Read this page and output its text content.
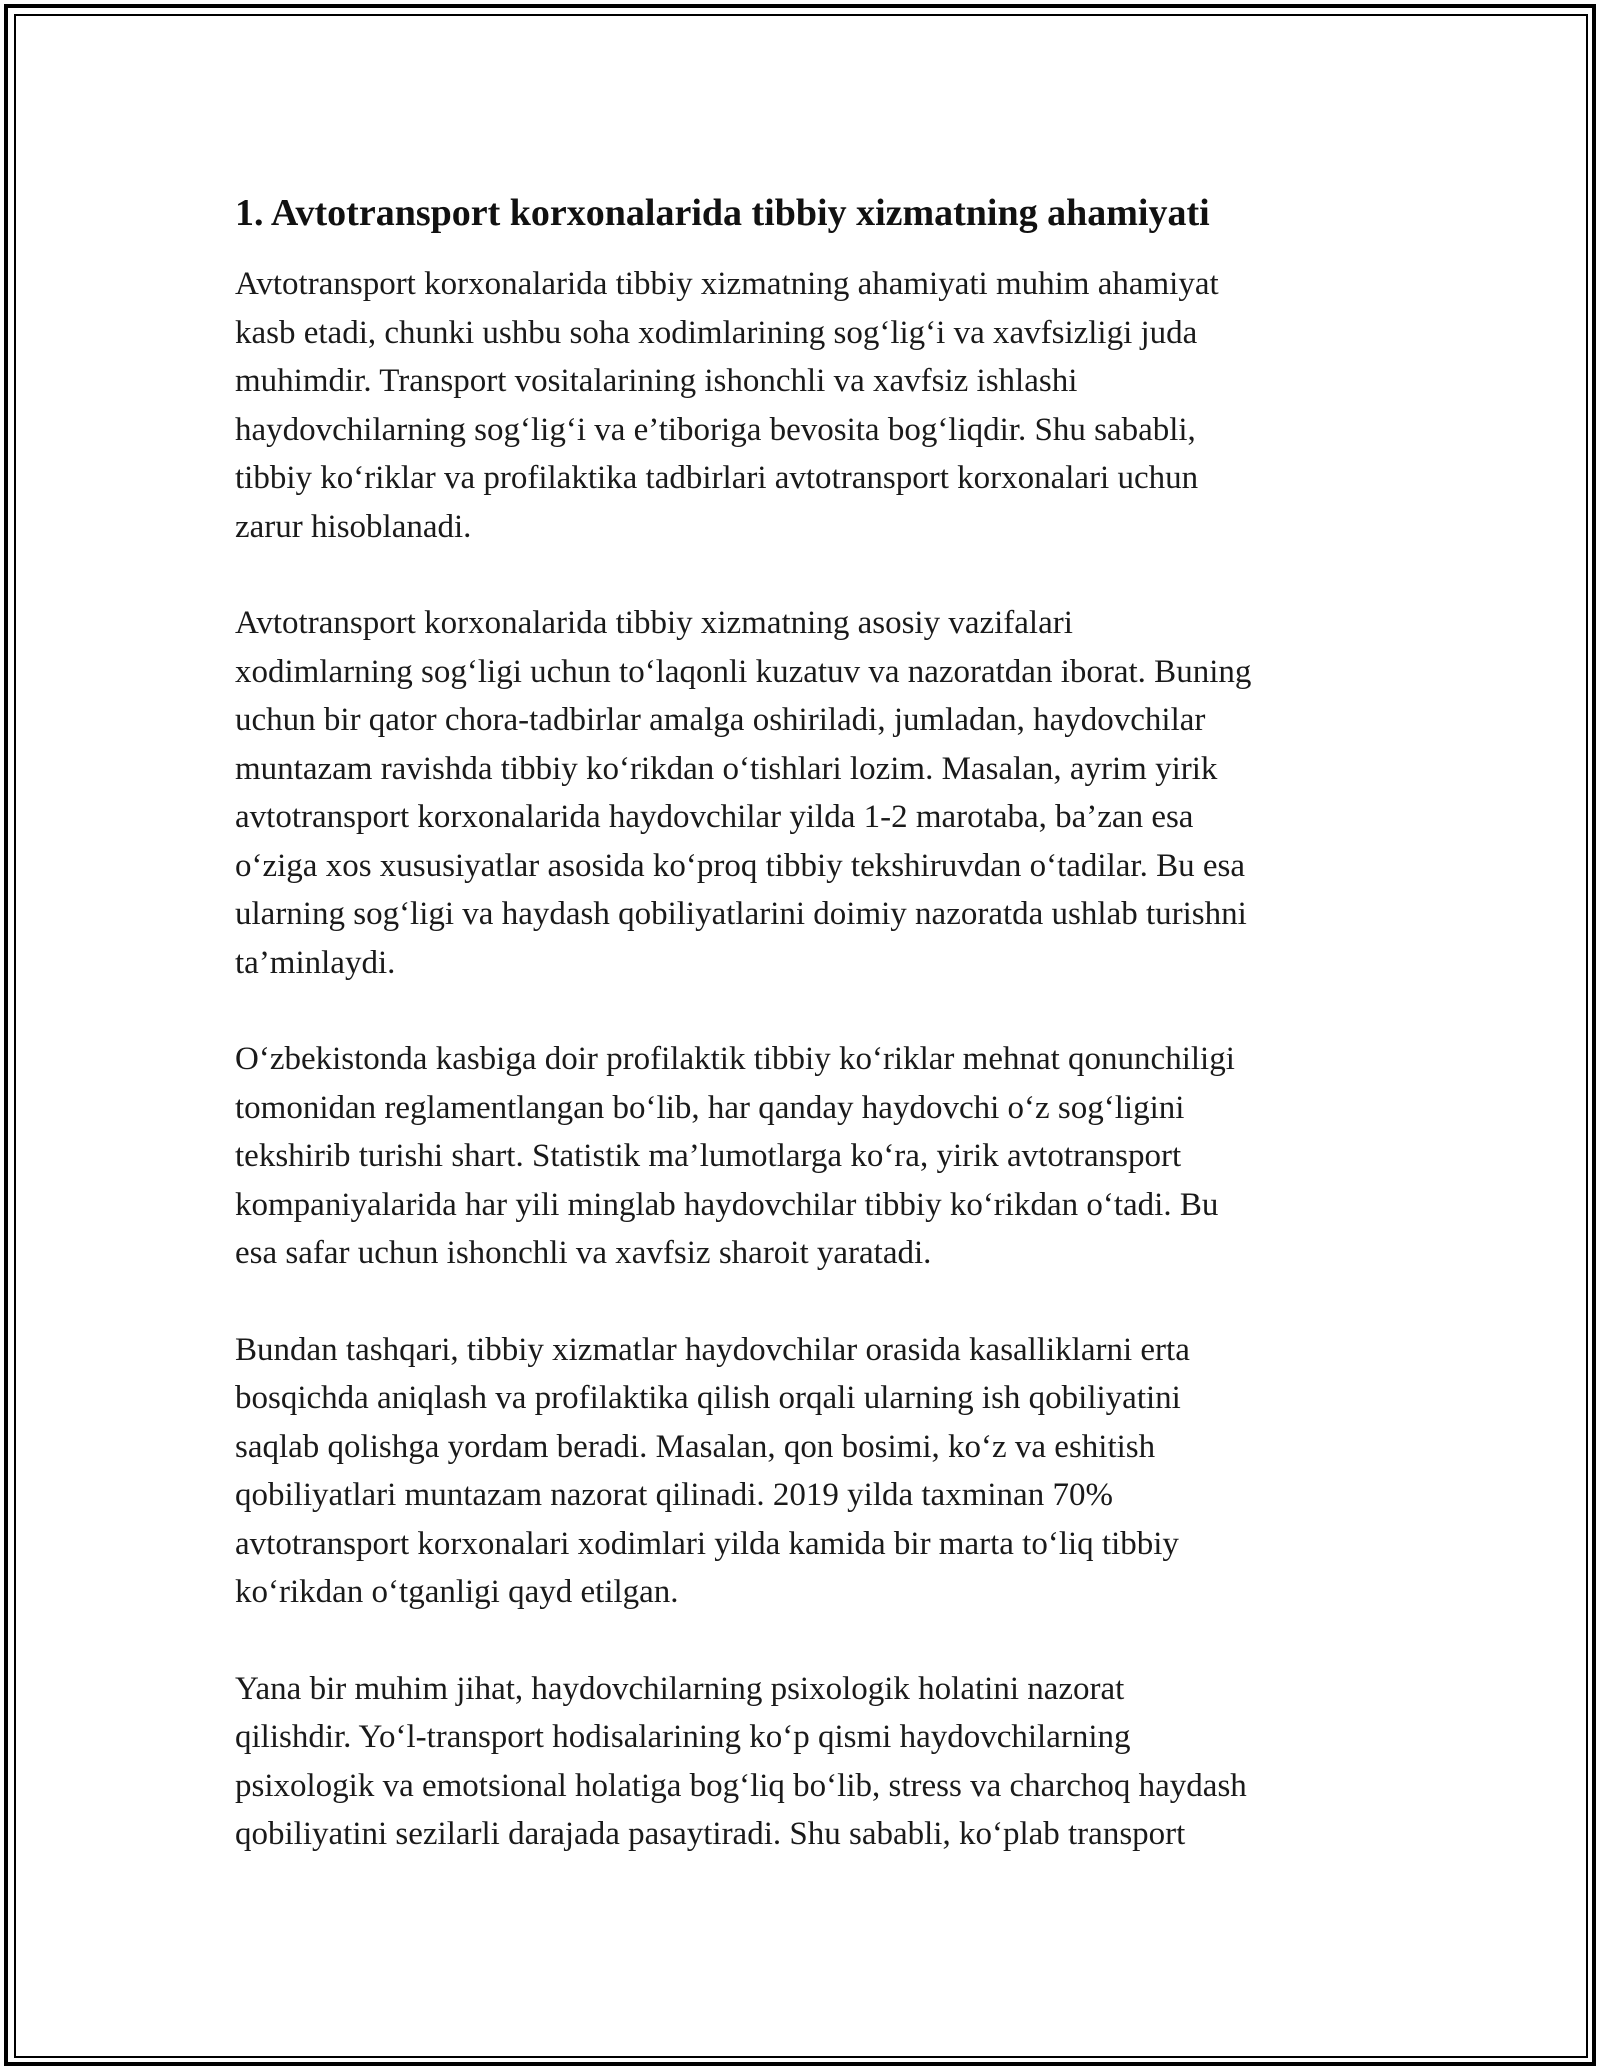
1. Avtotransport korxonalarida tibbiy xizmatning ahamiyati

Avtotransport korxonalarida tibbiy xizmatning ahamiyati muhim ahamiyat
kasb etadi, chunki ushbu soha xodimlarining sog‘lig‘i va xavfsizligi juda
muhimdir. Transport vositalarining ishonchli va xavfsiz ishlashi
haydovchilarning sog‘lig‘i va e’tiboriga bevosita bog‘liqdir. Shu sababli,
tibbiy ko‘riklar va profilaktika tadbirlari avtotransport korxonalari uchun
zarur hisoblanadi.

Avtotransport korxonalarida tibbiy xizmatning asosiy vazifalari
xodimlarning sog‘ligi uchun to‘laqonli kuzatuv va nazoratdan iborat. Buning
uchun bir qator chora-tadbirlar amalga oshiriladi, jumladan, haydovchilar
muntazam ravishda tibbiy ko‘rikdan o‘tishlari lozim. Masalan, ayrim yirik
avtotransport korxonalarida haydovchilar yilda 1-2 marotaba, ba’zan esa
o‘ziga xos xususiyatlar asosida ko‘proq tibbiy tekshiruvdan o‘tadilar. Bu esa
ularning sog‘ligi va haydash qobiliyatlarini doimiy nazoratda ushlab turishni
ta’minlaydi.

O‘zbekistonda kasbiga doir profilaktik tibbiy ko‘riklar mehnat qonunchiligi
tomonidan reglamentlangan bo‘lib, har qanday haydovchi o‘z sog‘ligini
tekshirib turishi shart. Statistik ma’lumotlarga ko‘ra, yirik avtotransport
kompaniyalarida har yili minglab haydovchilar tibbiy ko‘rikdan o‘tadi. Bu
esa safar uchun ishonchli va xavfsiz sharoit yaratadi.

Bundan tashqari, tibbiy xizmatlar haydovchilar orasida kasalliklarni erta
bosqichda aniqlash va profilaktika qilish orqali ularning ish qobiliyatini
saqlab qolishga yordam beradi. Masalan, qon bosimi, ko‘z va eshitish
qobiliyatlari muntazam nazorat qilinadi. 2019 yilda taxminan 70%
avtotransport korxonalari xodimlari yilda kamida bir marta to‘liq tibbiy
ko‘rikdan o‘tganligi qayd etilgan.

Yana bir muhim jihat, haydovchilarning psixologik holatini nazorat
qilishdir. Yo‘l-transport hodisalarining ko‘p qismi haydovchilarning
psixologik va emotsional holatiga bog‘liq bo‘lib, stress va charchoq haydash
qobiliyatini sezilarli darajada pasaytiradi. Shu sababli, ko‘plab transport
